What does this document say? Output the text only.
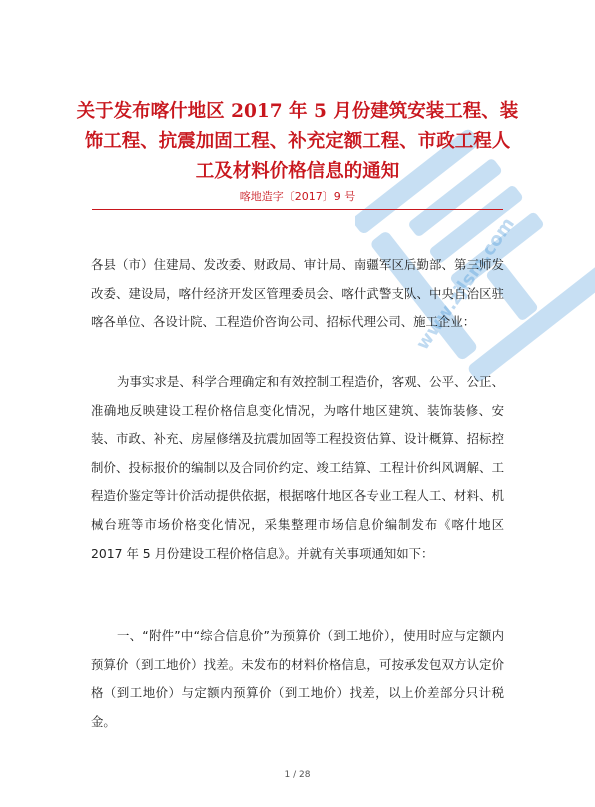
www.zjlsm.com
关于发布喀什地区 2017 年 5 月份建筑安装工程、装
饰工程、抗震加固工程、补充定额工程、市政工程人
工及材料价格信息的通知
喀地造字〔2017〕9 号

各县（市）住建局、发改委、财政局、审计局、南疆军区后勤部、第三师发改委、建设局，喀什经济开发区管理委员会、喀什武警支队、中央自治区驻喀各单位、各设计院、工程造价咨询公司、招标代理公司、施工企业：

为事实求是、科学合理确定和有效控制工程造价，客观、公平、公正、准确地反映建设工程价格信息变化情况，为喀什地区建筑、装饰装修、安装、市政、补充、房屋修缮及抗震加固等工程投资估算、设计概算、招标控制价、投标报价的编制以及合同价约定、竣工结算、工程计价纠风调解、工程造价鉴定等计价活动提供依据，根据喀什地区各专业工程人工、材料、机械台班等市场价格变化情况，采集整理市场信息价编制发布《喀什地区 2017 年 5 月份建设工程价格信息》。并就有关事项通知如下：

一、“附件”中“综合信息价”为预算价（到工地价），使用时应与定额内预算价（到工地价）找差。未发布的材料价格信息，可按承发包双方认定价格（到工地价）与定额内预算价（到工地价）找差，以上价差部分只计税金。

1 / 28
